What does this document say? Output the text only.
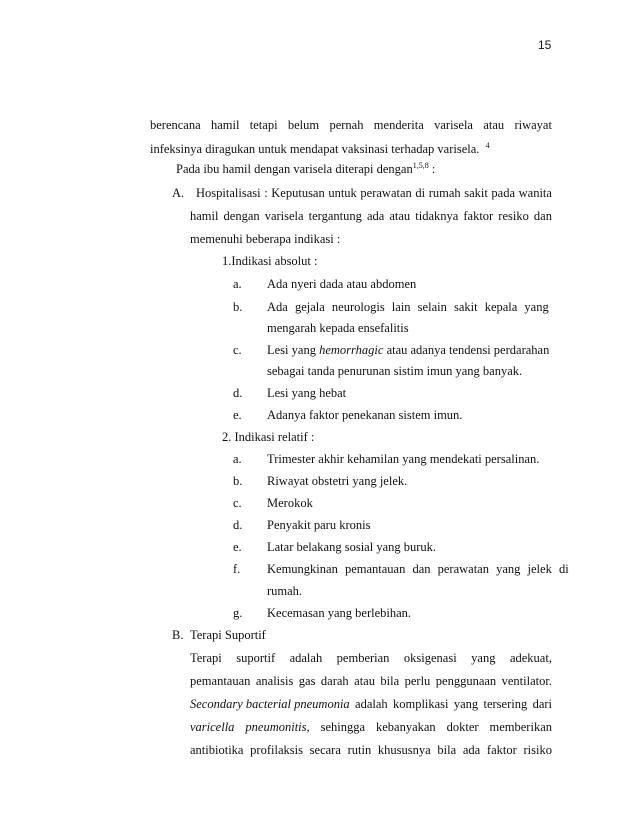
15
berencana hamil tetapi belum pernah menderita varisela atau riwayat
infeksinya diragukan untuk mendapat vaksinasi terhadap varisela. $^4$
Pada ibu hamil dengan varisela diterapi dengan$^{1,5,8}$ :
A. Hospitalisasi : Keputusan untuk perawatan di rumah sakit pada wanita
hamil dengan varisela tergantung ada atau tidaknya faktor resiko dan
memenuhi beberapa indikasi :
1.Indikasi absolut :
a. Ada nyeri dada atau abdomen
b. Ada gejala neurologis lain selain sakit kepala yang
mengarah kepada ensefalitis
c. Lesi yang hemorrhagic atau adanya tendensi perdarahan
sebagai tanda penurunan sistim imun yang banyak.
d. Lesi yang hebat
e. Adanya faktor penekanan sistem imun.
2. Indikasi relatif :
a. Trimester akhir kehamilan yang mendekati persalinan.
b. Riwayat obstetri yang jelek.
c. Merokok
d. Penyakit paru kronis
e. Latar belakang sosial yang buruk.
f. Kemungkinan pemantauan dan perawatan yang jelek di
rumah.
g. Kecemasan yang berlebihan.
B. Terapi Suportif
Terapi suportif adalah pemberian oksigenasi yang adekuat,
pemantauan analisis gas darah atau bila perlu penggunaan ventilator.
Secondary bacterial pneumonia adalah komplikasi yang tersering dari
varicella pneumonitis, sehingga kebanyakan dokter memberikan
antibiotika profilaksis secara rutin khususnya bila ada faktor risiko
